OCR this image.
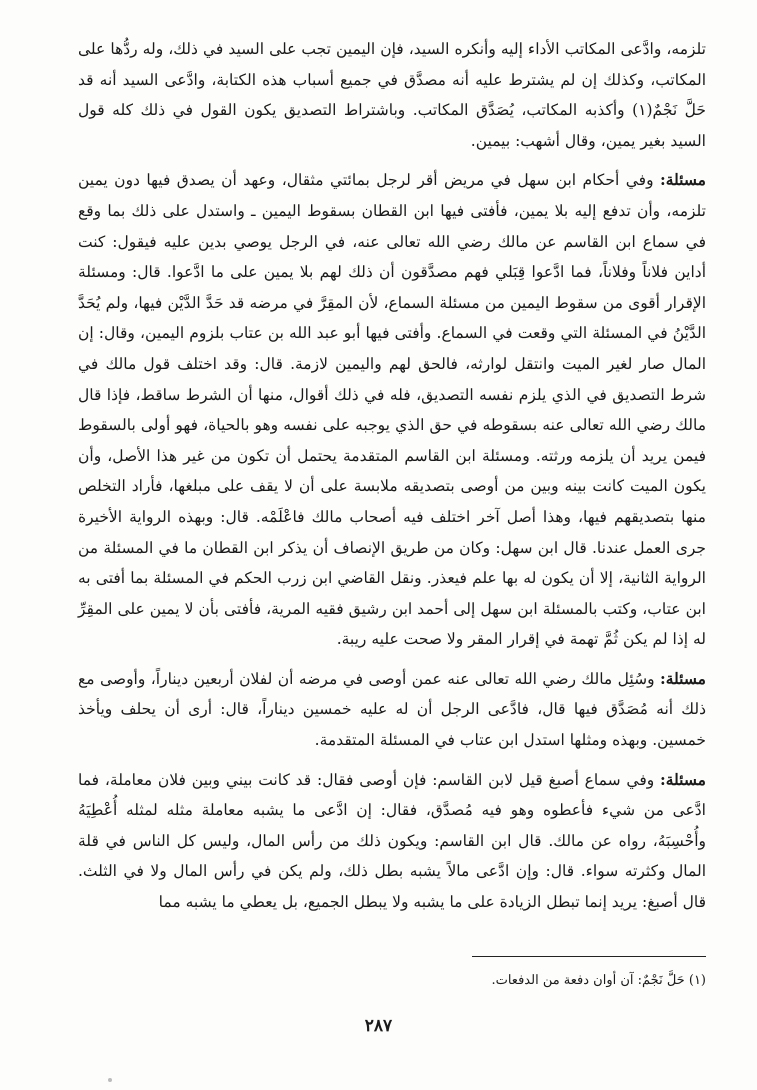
تلزمه، وادَّعى المكاتب الأداء إليه وأنكره السيد، فإن اليمين تجب على السيد في ذلك، وله ردُّها على المكاتب، وكذلك إن لم يشترط عليه أنه مصدَّق في جميع أسباب هذه الكتابة، وادَّعى السيد أنه قد حَلَّ نَجْمٌ(١) وأكذبه المكاتب، يُصَدَّق المكاتب. وباشتراط التصديق يكون القول في ذلك كله قول السيد بغير يمين، وقال أشهب: بيمين.

مسئلة: وفي أحكام ابن سهل في مريض أقر لرجل بمائتي مثقال، وعهد أن يصدق فيها دون يمين تلزمه، وأن تدفع إليه بلا يمين، فأفتى فيها ابن القطان بسقوط اليمين ـ واستدل على ذلك بما وقع في سماع ابن القاسم عن مالك رضي الله تعالى عنه، في الرجل يوصي بدين عليه فيقول: كنت أداين فلاناً وفلاناً، فما ادَّعوا قِبَلي فهم مصدَّقون أن ذلك لهم بلا يمين على ما ادَّعوا. قال: ومسئلة الإقرار أقوى من سقوط اليمين من مسئلة السماع، لأن المقِرَّ في مرضه قد حَدَّ الدَّيْن فيها، ولم يُحَدَّ الدَّيْنُ في المسئلة التي وقعت في السماع. وأفتى فيها أبو عبد الله بن عتاب بلزوم اليمين، وقال: إن المال صار لغير الميت وانتقل لوارثه، فالحق لهم واليمين لازمة. قال: وقد اختلف قول مالك في شرط التصديق في الذي يلزم نفسه التصديق، فله في ذلك أقوال، منها أن الشرط ساقط، فإذا قال مالك رضي الله تعالى عنه بسقوطه في حق الذي يوجبه على نفسه وهو بالحياة، فهو أولى بالسقوط فيمن يريد أن يلزمه ورثته. ومسئلة ابن القاسم المتقدمة يحتمل أن تكون من غير هذا الأصل، وأن يكون الميت كانت بينه وبين من أوصى بتصديقه ملابسة على أن لا يقف على مبلغها، فأراد التخلص منها بتصديقهم فيها، وهذا أصل آخر اختلف فيه أصحاب مالك فاعْلَمْه. قال: وبهذه الرواية الأخيرة جرى العمل عندنا. قال ابن سهل: وكان من طريق الإنصاف أن يذكر ابن القطان ما في المسئلة من الرواية الثانية، إلا أن يكون له بها علم فيعذر. ونقل القاضي ابن زرب الحكم في المسئلة بما أفتى به ابن عتاب، وكتب بالمسئلة ابن سهل إلى أحمد ابن رشيق فقيه المرية، فأفتى بأن لا يمين على المقِرِّ له إذا لم يكن ثُمَّ تهمة في إقرار المقر ولا صحت عليه ريبة.

مسئلة: وسُئِل مالك رضي الله تعالى عنه عمن أوصى في مرضه أن لفلان أربعين ديناراً، وأوصى مع ذلك أنه مُصَدَّق فيها قال، فادَّعى الرجل أن له عليه خمسين ديناراً، قال: أرى أن يحلف ويأخذ خمسين. وبهذه ومثلها استدل ابن عتاب في المسئلة المتقدمة.

مسئلة: وفي سماع أصبغ قيل لابن القاسم: فإن أوصى فقال: قد كانت بيني وبين فلان معاملة، فما ادَّعى من شيء فأعطوه وهو فيه مُصدَّق، فقال: إن ادَّعى ما يشبه معاملة مثله لمثله أُعْطِيَهُ وأُحْسِبَهُ، رواه عن مالك. قال ابن القاسم: ويكون ذلك من رأس المال، وليس كل الناس في قلة المال وكثرته سواء. قال: وإن ادَّعى مالاً يشبه بطل ذلك، ولم يكن في رأس المال ولا في الثلث. قال أصبغ: يريد إنما تبطل الزيادة على ما يشبه ولا يبطل الجميع، بل يعطي ما يشبه مما

(١) حَلَّ نَجْمٌ: آن أوان دفعة من الدفعات.
٢٨٧
